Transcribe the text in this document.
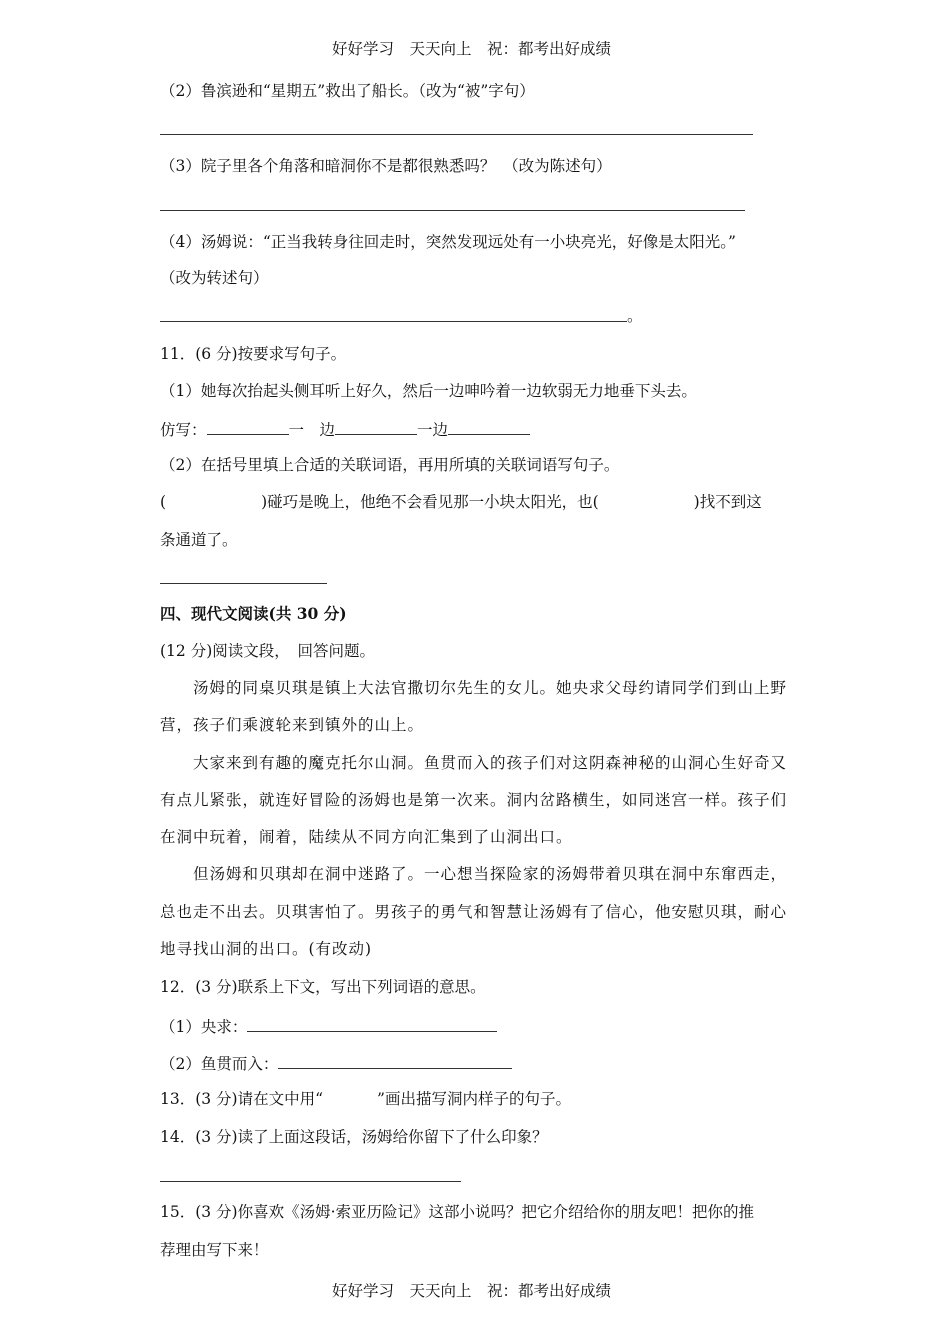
好好学习　天天向上　祝：都考出好成绩
（2）鲁滨逊和“星期五”救出了船长。（改为“被”字句）
（3）院子里各个角落和暗洞你不是都很熟悉吗？　（改为陈述句）
（4）汤姆说：“正当我转身往回走时，突然发现远处有一小块亮光，好像是太阳光。”
（改为转述句）
。
11．(6 分)按要求写句子。
（1）她每次抬起头侧耳听上好久，然后一边呻吟着一边软弱无力地垂下头去。
仿写：	一　边	一边
（2）在括号里填上合适的关联词语，再用所填的关联词语写句子。
(	)碰巧是晚上，他绝不会看见那一小块太阳光，也(	)找不到这
条通道了。
四、现代文阅读(共 30 分)
(12 分)阅读文段，　回答问题。
汤姆的同桌贝琪是镇上大法官撒切尔先生的女儿。她央求父母约请同学们到山上野
营，孩子们乘渡轮来到镇外的山上。
大家来到有趣的魔克托尔山洞。鱼贯而入的孩子们对这阴森神秘的山洞心生好奇又
有点儿紧张，就连好冒险的汤姆也是第一次来。洞内岔路横生，如同迷宫一样。孩子们
在洞中玩着，闹着，陆续从不同方向汇集到了山洞出口。
但汤姆和贝琪却在洞中迷路了。一心想当探险家的汤姆带着贝琪在洞中东窜西走，
总也走不出去。贝琪害怕了。男孩子的勇气和智慧让汤姆有了信心，他安慰贝琪，耐心
地寻找山洞的出口。(有改动)
12．(3 分)联系上下文，写出下列词语的意思。
（1）央求：
（2）鱼贯而入：
13．(3 分)请在文中用“	”画出描写洞内样子的句子。
14．(3 分)读了上面这段话，汤姆给你留下了什么印象？
15．(3 分)你喜欢《汤姆·索亚历险记》这部小说吗？把它介绍给你的朋友吧！把你的推
荐理由写下来！
好好学习　天天向上　祝：都考出好成绩
